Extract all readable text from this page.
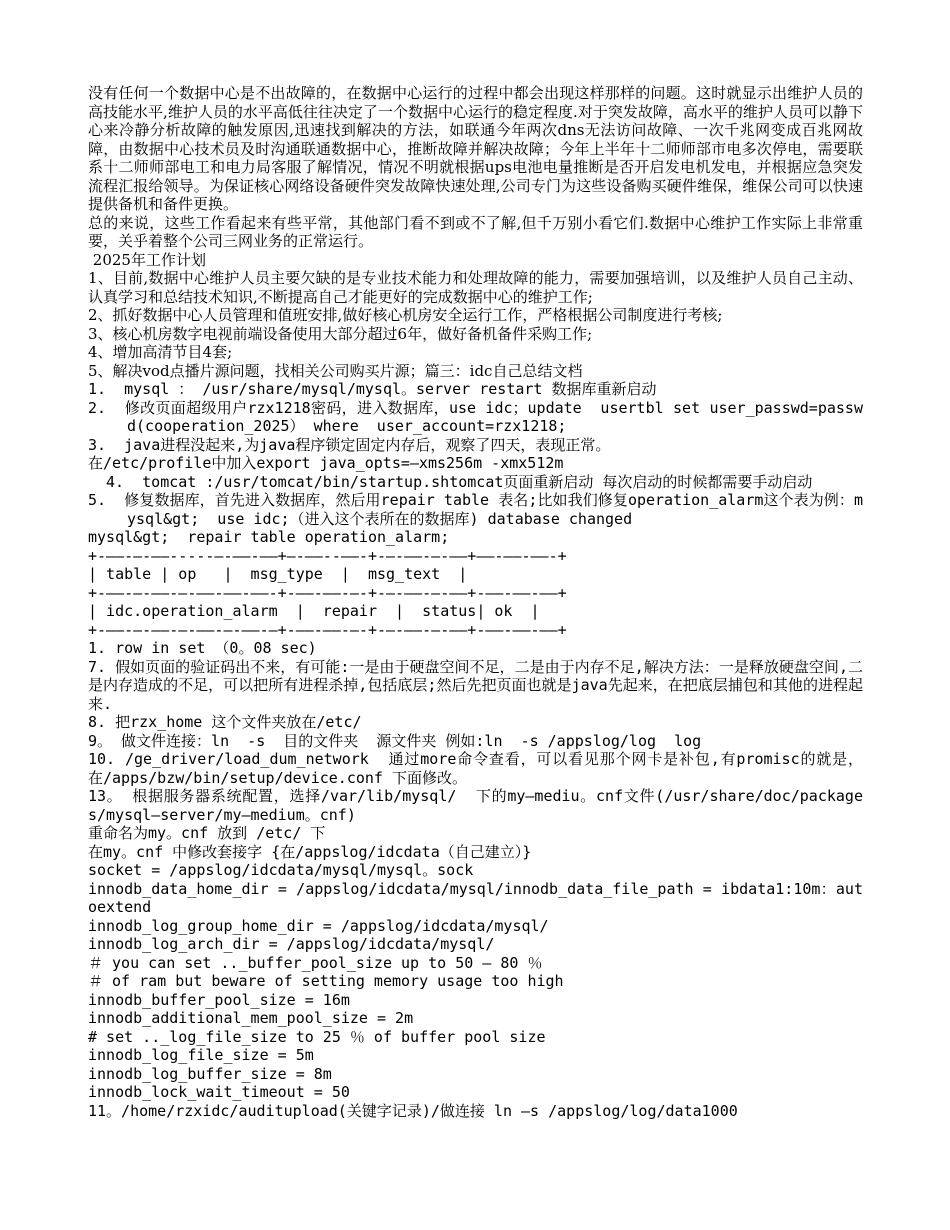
没有任何一个数据中心是不出故障的，在数据中心运行的过程中都会出现这样那样的问题。这时就显示出维护人员的高技能水平,维护人员的水平高低往往决定了一个数据中心运行的稳定程度.对于突发故障，高水平的维护人员可以静下心来冷静分析故障的触发原因,迅速找到解决的方法，如联通今年两次dns无法访问故障、一次千兆网变成百兆网故障，由数据中心技术员及时沟通联通数据中心，推断故障并解决故障；今年上半年十二师师部市电多次停电，需要联系十二师师部电工和电力局客服了解情况，情况不明就根据ups电池电量推断是否开启发电机发电，并根据应急突发流程汇报给领导。为保证核心网络设备硬件突发故障快速处理,公司专门为这些设备购买硬件维保，维保公司可以快速提供备机和备件更换。

总的来说，这些工作看起来有些平常，其他部门看不到或不了解,但千万别小看它们.数据中心维护工作实际上非常重要，关乎着整个公司三网业务的正常运行。

2025年工作计划

1、目前,数据中心维护人员主要欠缺的是专业技术能力和处理故障的能力，需要加强培训，以及维护人员自己主动、认真学习和总结技术知识,不断提高自己才能更好的完成数据中心的维护工作;

2、抓好数据中心人员管理和值班安排,做好核心机房安全运行工作，严格根据公司制度进行考核;

3、核心机房数字电视前端设备使用大部分超过6年，做好备机备件采购工作;

4、增加高清节目4套;

5、解决vod点播片源问题，找相关公司购买片源；篇三：idc自己总结文档

1.  mysql ： /usr/share/mysql/mysql。server restart 数据库重新启动

2.  修改页面超级用户rzx1218密码，进入数据库，use idc；update  usertbl set user_passwd=passwd(cooperation_2025） where  user_account=rzx1218;

3.  java进程没起来,为java程序锁定固定内存后，观察了四天，表现正常。

在/etc/profile中加入export java_opts=—xms256m -xmx512m

4.  tomcat :/usr/tomcat/bin/startup.shtomcat页面重新启动 每次启动的时候都需要手动启动

5.  修复数据库，首先进入数据库，然后用repair table 表名;比如我们修复operation_alarm这个表为例：mysql&gt;  use idc;（进入这个表所在的数据库) database changed

mysql&gt;  repair table operation_alarm;

+-——-—-——-----—-——-——+—-——--——-+-—-——-—-——+——-——-——-+

| table | op   |  msg_type  |  msg_text  |

+-——-—-——-—-——-——-——-+-——-——-—-+-—-——-—-——+-——-——-——+

| idc.operation_alarm  |  repair  |  status| ok  |

+-——-—-——-—-——-—-——-—+-——-——-—-+-—-——-—-——+-——-——-——+

1. row in set （0。08 sec)

7. 假如页面的验证码出不来，有可能:一是由于硬盘空间不足，二是由于内存不足,解决方法：一是释放硬盘空间,二是内存造成的不足，可以把所有进程杀掉,包括底层;然后先把页面也就是java先起来，在把底层捕包和其他的进程起来.

8. 把rzx_home 这个文件夹放在/etc/

9。 做文件连接：ln  -s  目的文件夹  源文件夹 例如:ln  -s /appslog/log  log

10. /ge_driver/load_dum_network  通过more命令查看，可以看见那个网卡是补包,有promisc的就是，在/apps/bzw/bin/setup/device.conf 下面修改。

13。 根据服务器系统配置，选择/var/lib/mysql/  下的my—mediu。cnf文件(/usr/share/doc/packages/mysql—server/my—medium。cnf)

重命名为my。cnf 放到 /etc/ 下

在my。cnf 中修改套接字 {在/appslog/idcdata（自己建立）}

socket = /appslog/idcdata/mysql/mysql。sock

innodb_data_home_dir = /appslog/idcdata/mysql/innodb_data_file_path = ibdata1:10m：autoextend

innodb_log_group_home_dir = /appslog/idcdata/mysql/

innodb_log_arch_dir = /appslog/idcdata/mysql/

＃ you can set .._buffer_pool_size up to 50 — 80 ％

＃ of ram but beware of setting memory usage too high

innodb_buffer_pool_size = 16m

innodb_additional_mem_pool_size = 2m

# set .._log_file_size to 25 ％ of buffer pool size

innodb_log_file_size = 5m

innodb_log_buffer_size = 8m

innodb_lock_wait_timeout = 50

11。/home/rzxidc/auditupload(关键字记录)/做连接 ln –s /appslog/log/data1000
